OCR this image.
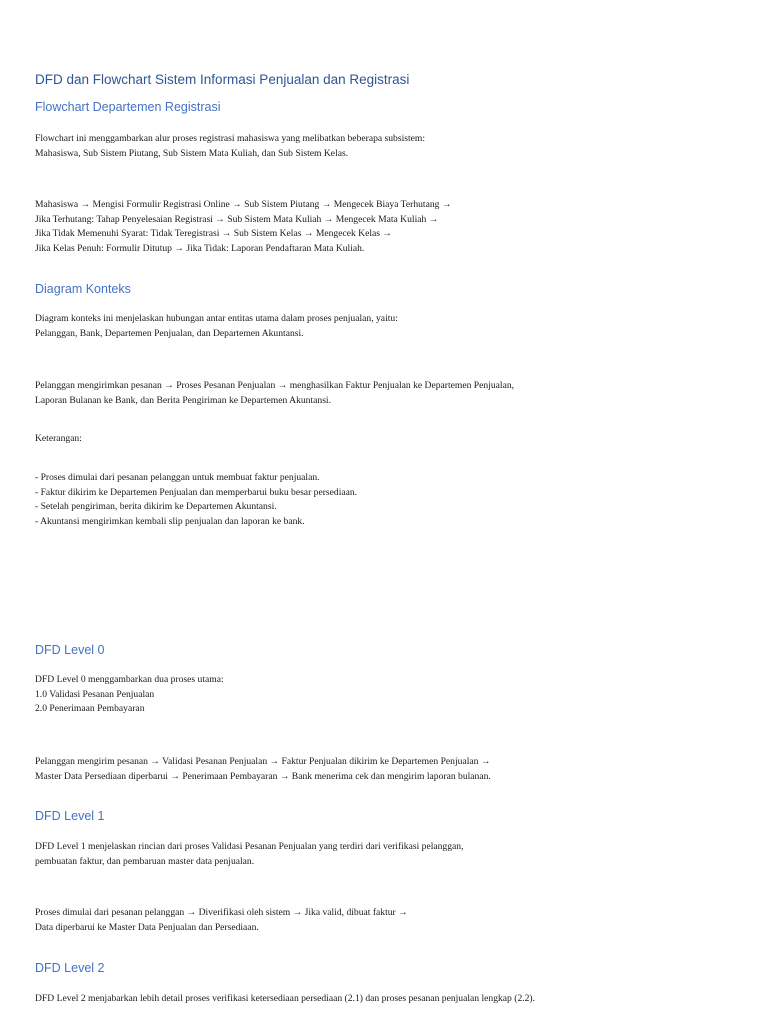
DFD dan Flowchart Sistem Informasi Penjualan dan Registrasi
Flowchart Departemen Registrasi

Flowchart ini menggambarkan alur proses registrasi mahasiswa yang melibatkan beberapa subsistem:
Mahasiswa, Sub Sistem Piutang, Sub Sistem Mata Kuliah, dan Sub Sistem Kelas.

Mahasiswa → Mengisi Formulir Registrasi Online → Sub Sistem Piutang → Mengecek Biaya Terhutang →
Jika Terhutang: Tahap Penyelesaian Registrasi → Sub Sistem Mata Kuliah → Mengecek Mata Kuliah →
Jika Tidak Memenuhi Syarat: Tidak Teregistrasi → Sub Sistem Kelas → Mengecek Kelas →
Jika Kelas Penuh: Formulir Ditutup → Jika Tidak: Laporan Pendaftaran Mata Kuliah.

Diagram Konteks

Diagram konteks ini menjelaskan hubungan antar entitas utama dalam proses penjualan, yaitu:
Pelanggan, Bank, Departemen Penjualan, dan Departemen Akuntansi.

Pelanggan mengirimkan pesanan → Proses Pesanan Penjualan → menghasilkan Faktur Penjualan ke Departemen Penjualan,
Laporan Bulanan ke Bank, dan Berita Pengiriman ke Departemen Akuntansi.

Keterangan:

- Proses dimulai dari pesanan pelanggan untuk membuat faktur penjualan.
- Faktur dikirim ke Departemen Penjualan dan memperbarui buku besar persediaan.
- Setelah pengiriman, berita dikirim ke Departemen Akuntansi.
- Akuntansi mengirimkan kembali slip penjualan dan laporan ke bank.

DFD Level 0

DFD Level 0 menggambarkan dua proses utama:
1.0 Validasi Pesanan Penjualan
2.0 Penerimaan Pembayaran

Pelanggan mengirim pesanan → Validasi Pesanan Penjualan → Faktur Penjualan dikirim ke Departemen Penjualan →
Master Data Persediaan diperbarui → Penerimaan Pembayaran → Bank menerima cek dan mengirim laporan bulanan.

DFD Level 1

DFD Level 1 menjelaskan rincian dari proses Validasi Pesanan Penjualan yang terdiri dari verifikasi pelanggan,
pembuatan faktur, dan pembaruan master data penjualan.

Proses dimulai dari pesanan pelanggan → Diverifikasi oleh sistem → Jika valid, dibuat faktur →
Data diperbarui ke Master Data Penjualan dan Persediaan.

DFD Level 2

DFD Level 2 menjabarkan lebih detail proses verifikasi ketersediaan persediaan (2.1) dan proses pesanan penjualan lengkap (2.2).
